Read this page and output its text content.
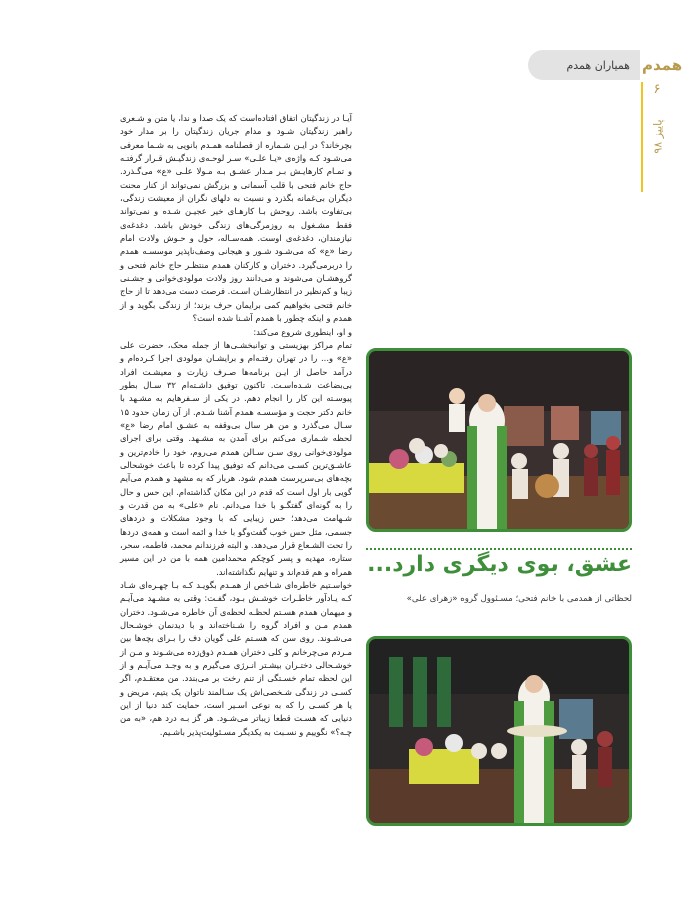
همیاران همدم همدم
۶
پاییز ۹۸

آیـا در زندگیتان اتفاق افتاده‌است که یک صدا و ندا، یا متن و شـعری راهبر زندگیتان شـود و مدام جریان زندگیتان را بر مدار خود بچرخاند؟ در ایـن شـماره از فصلنامه همـدم بانویی به شـما معرفی می‌شـود کـه واژه‌ی «یـا علـی» سـر لوحـه‌ی زندگیـش قـرار گرفتـه و تمـام کارهایـش بـر مـدار عشـق بـه مـولا علـی «ع» می‌گـذرد. حاج خانم فتحی با قلب آسمانی و بزرگش نمی‌تواند از کنار محنت دیگران بی‌غمانه بگذرد و نسبت به دلهای نگران از معیشت زندگی، بی‌تفاوت باشد. روحش بـا کارهـای خیر عجیـن شـده و نمی‌تواند فقط مشـغول به روزمرگی‌های زندگی خودش باشد. دغدغه‌ی نیازمندان، دغدغه‌ی اوست. همه‌سـاله، حول و حـوش ولادت امام رضا «ع» که می‌شـود شـور و هیجانی وصف‌ناپذیر موسسـه همدم را دربرمی‌گیرد. دختران و کارکنان همدم منتظـر حاج خانم فتحی و گروهشـان می‌شوند و می‌دانند روز ولادت مولودی‌خوانی و جشـنی زیبا و کم‌نظیر در انتظارشـان اسـت. فرصت دست می‌دهد تا از حاج خانم فتحی بخواهیم کمی برایمان حرف بزند؛ از زندگی بگوید و از همدم و اینکه چطور با همدم آشـنا شده است؟

و او، اینطوری شروع می‌کند:

تمام مراکز بهزیستی و توانبخشـی‌ها از جمله محک، حضرت علی «ع» و... را در تهران رفتـه‌ام و برایشـان مولودی اجرا کـرده‌ام و درآمد حاصل از ایـن برنامه‌ها صـرف زیارت و معیشـت افراد بی‌بضاعت شـده‌اسـت. تاکنون توفیق داشـته‌ام ۳۲ سـال بطور پیوسـته این کار را انجام دهم. در یکی از سـفرهایم به مشـهد با خانم دکتر حجت و مؤسسـه همدم آشنا شـدم. از آن زمان حدود ۱۵ سـال می‌گذرد و من هر سال بی‌وقفه به عشـق امام رضا «ع» لحظه شـماری می‌کنم برای آمدن به مشـهد. وقتی برای اجرای مولودی‌خوانی روی سـن سـالن همدم می‌روم، خود را خادم‌ترین و عاشـق‌ترین کسـی می‌دانم که توفیق پیدا کرده تا باعث خوشحالی بچه‌های بی‌سرپرست همدم شود. هربار که به مشهد و همدم می‌آیم گویی بار اول است که قدم در این مکان گذاشته‌ام. این حس و حال را به گونه‌ای گفتگـو با خدا می‌دانم. نام «علی» به من قدرت و شـهامت می‌دهد؛ حس زیبایی که با وجود مشکلات و دردهای جسمی، مثل حس خوب گفت‌وگو با خدا و ائمه است و همه‌ی دردها را تحت الشـعاع قرار می‌دهد. و البته فرزندانم محمد، فاطمه، سحر، ستاره، مهدیه و پسر کوچکم محمدامین همه با من در این مسیر همراه و هم قدم‌اند و تنهایم نگذاشته‌اند.

خواسـتیم خاطره‌ای شـاخص از همـدم بگویـد کـه بـا چهـره‌ای شـاد کـه یـادآور خاطـرات خوشـش بـود، گفـت: وقتی به مشـهد می‌آیـم و میهمان همدم هسـتم لحظـه لحظه‌ی آن خاطره می‌شـود. دختران همدم مـن و افراد گروه را شـناخته‌اند و با دیدنمان خوشـحال می‌شـوند. روی سن که هسـتم علی گویان دف را بـرای بچه‌ها بین مـردم می‌چرخانم و کلی دختران همـدم ذوق‌زده می‌شـوند و مـن از خوشـحالی دختـران بیشـتر انـرژی می‌گیرم و به وجـد می‌آیـم و از این لحظه تمام خسـتگی از تنم رخت بر می‌بندد. من معتقـدم، اگر کسـی در زندگی شـخصی‌اش یک سـالمند ناتوان یک یتیم، مریض و یا هر کسـی را که به نوعی اسـیر است، حمایت کند دنیا از این دنیایی که هسـت قطعا زیباتر می‌شـود. هر گز بـه درد هم، «به من چـه؟» نگوییم و نسـبت به یکدیگر مسـئولیت‌پذیر باشـیم.

عشق، بوی دیگری دارد...
لحظاتی از همدمی با خانم فتحی؛ مسـئوول گروه «زهرای علی»
